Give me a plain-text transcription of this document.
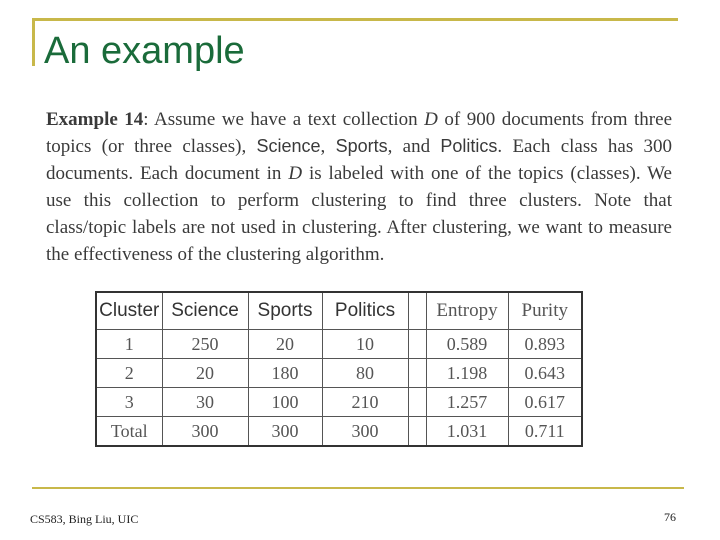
An example

Example 14: Assume we have a text collection D of 900 documents from three topics (or three classes), Science, Sports, and Politics. Each class has 300 documents. Each document in D is labeled with one of the topics (classes). We use this collection to perform clustering to find three clusters. Note that class/topic labels are not used in clustering. After clustering, we want to measure the effectiveness of the clustering algorithm.

Cluster	Science	Sports	Politics		Entropy	Purity
1	250	20	10		0.589	0.893
2	20	180	80		1.198	0.643
3	30	100	210		1.257	0.617
Total	300	300	300		1.031	0.711
CS583, Bing Liu, UIC	76
